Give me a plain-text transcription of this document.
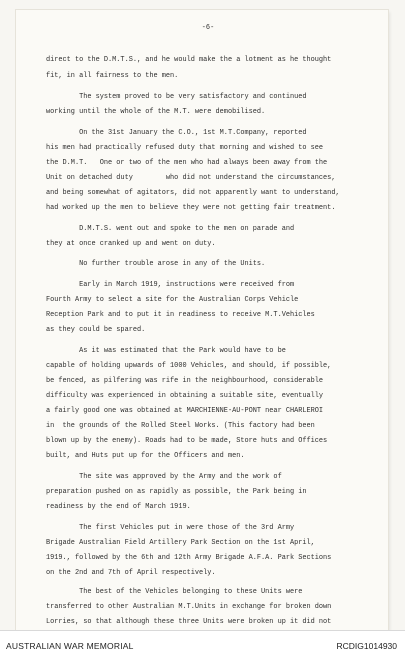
-6-
direct to the D.M.T.S., and he would make the a lotment as he thought
fit, in all fairness to the men.
The system proved to be very satisfactory and continued
working until the whole of the M.T. were demobilised.
On the 31st January the C.O., 1st M.T.Company, reported
his men had practically refused duty that morning and wished to see
the D.M.T.   One or two of the men who had always been away from the
Unit on detached duty        who did not understand the circumstances,
and being somewhat of agitators, did not apparently want to understand,
had worked up the men to believe they were not getting fair treatment.
D.M.T.S. went out and spoke to the men on parade and
they at once cranked up and went on duty.
No further trouble arose in any of the Units.
Early in March 1919, instructions were received from
Fourth Army to select a site for the Australian Corps Vehicle
Reception Park and to put it in readiness to receive M.T.Vehicles
as they could be spared.
As it was estimated that the Park would have to be
capable of holding upwards of 1000 Vehicles, and should, if possible,
be fenced, as pilfering was rife in the neighbourhood, considerable
difficulty was experienced in obtaining a suitable site, eventually
a fairly good one was obtained at MARCHIENNE-AU-PONT near CHARLEROI
in  the grounds of the Rolled Steel Works. (This factory had been
blown up by the enemy). Roads had to be made, Store huts and Offices
built, and Huts put up for the Officers and men.
The site was approved by the Army and the work of
preparation pushed on as rapidly as possible, the Park being in
readiness by the end of March 1919.
The first Vehicles put in were those of the 3rd Army
Brigade Australian Field Artillery Park Section on the 1st April,
1919., followed by the 6th and 12th Army Brigade A.F.A. Park Sections
on the 2nd and 7th of April respectively.
The best of the Vehicles belonging to these Units were
transferred to other Australian M.T.Units in exchange for broken down
Lorries, so that although these three Units were broken up it did not
AUSTRALIAN WAR MEMORIAL	RCDIG1014930
